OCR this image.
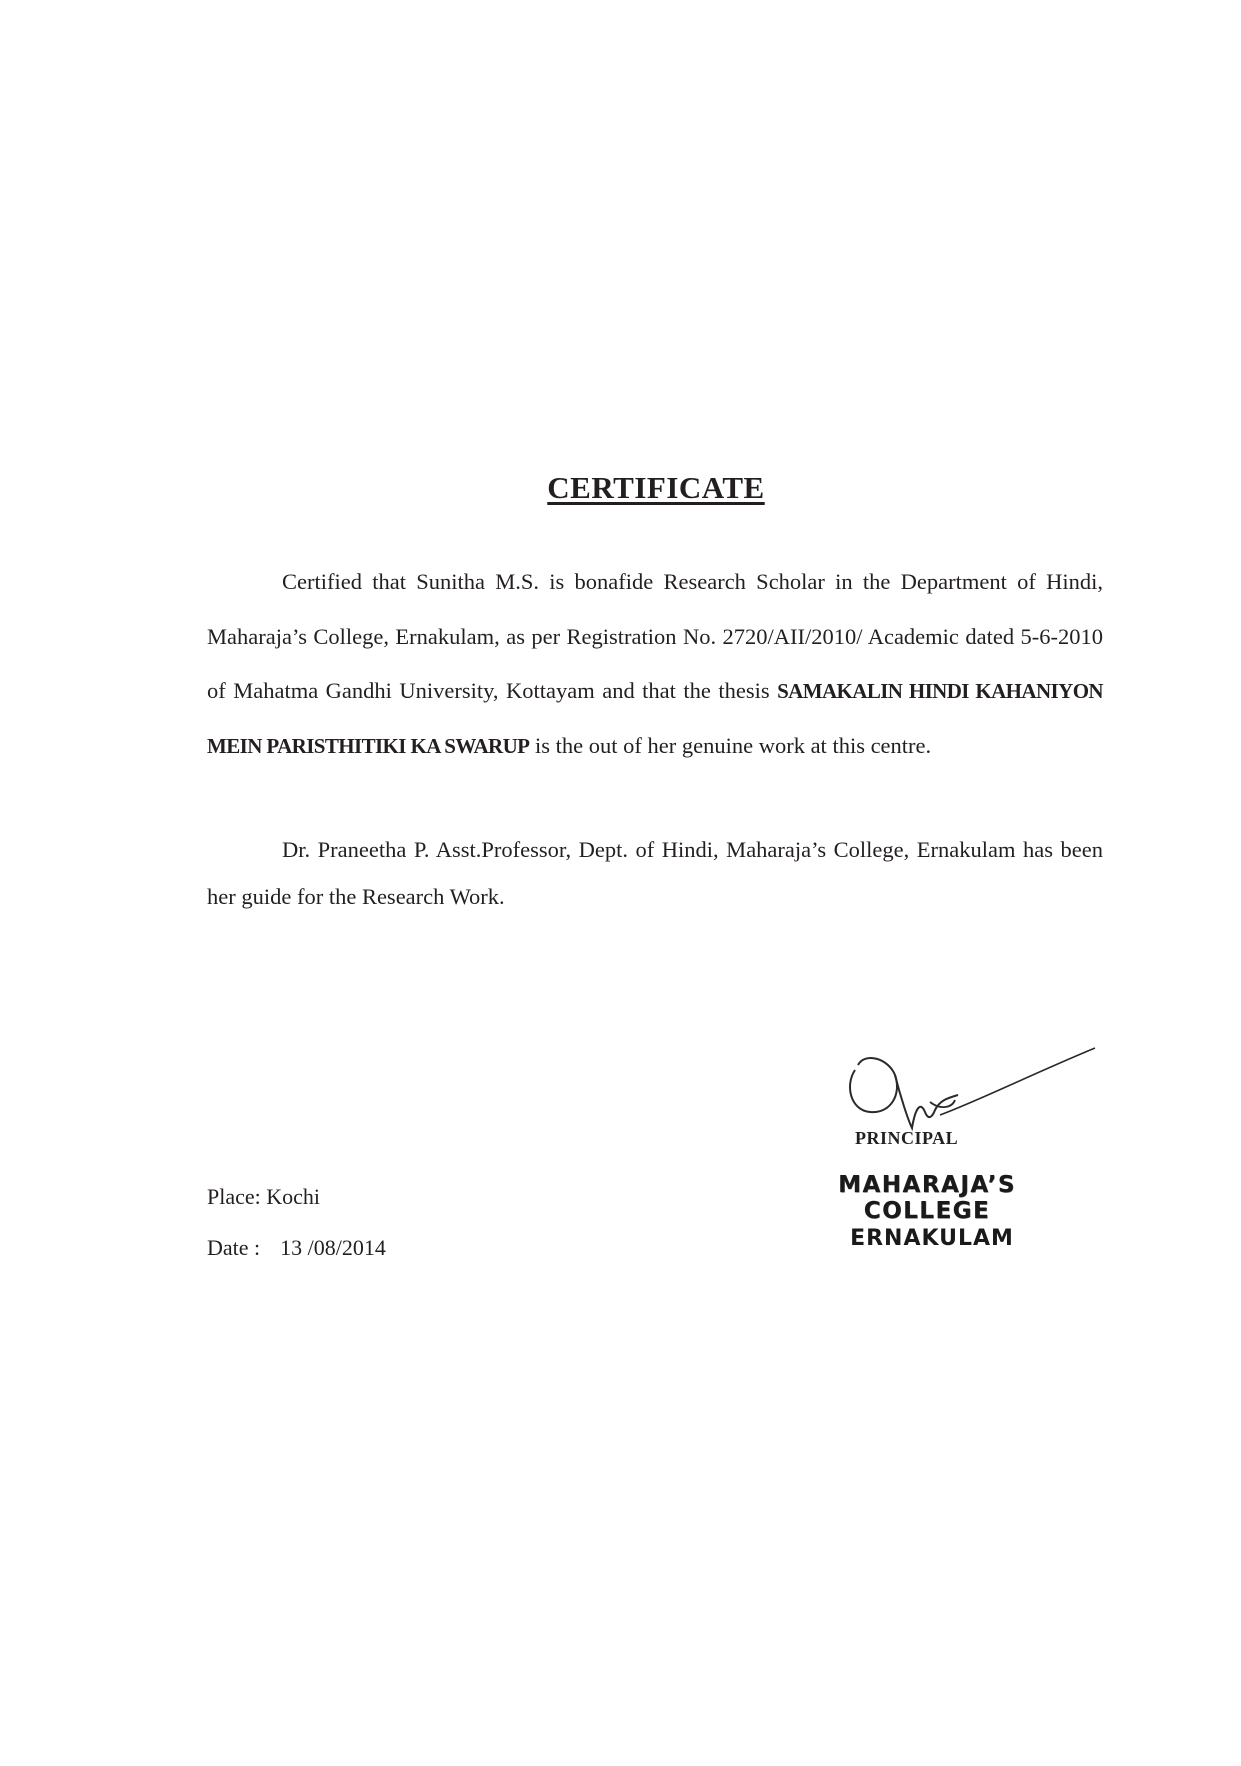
CERTIFICATE
Certified that Sunitha M.S. is bonafide Research Scholar in the Department of Hindi, Maharaja’s College, Ernakulam, as per Registration No. 2720/AII/2010/ Academic dated 5-6-2010 of Mahatma Gandhi University, Kottayam and that the thesis SAMAKALIN HINDI KAHANIYON MEIN PARISTHITIKI KA SWARUP is the out of her genuine work at this centre.
Dr. Praneetha P. Asst.Professor, Dept. of Hindi, Maharaja’s College, Ernakulam has been her guide for the Research Work.
Place: Kochi
Date : 13 /08/2014
PRINCIPAL
MAHARAJA’S COLLEGE
ERNAKULAM
